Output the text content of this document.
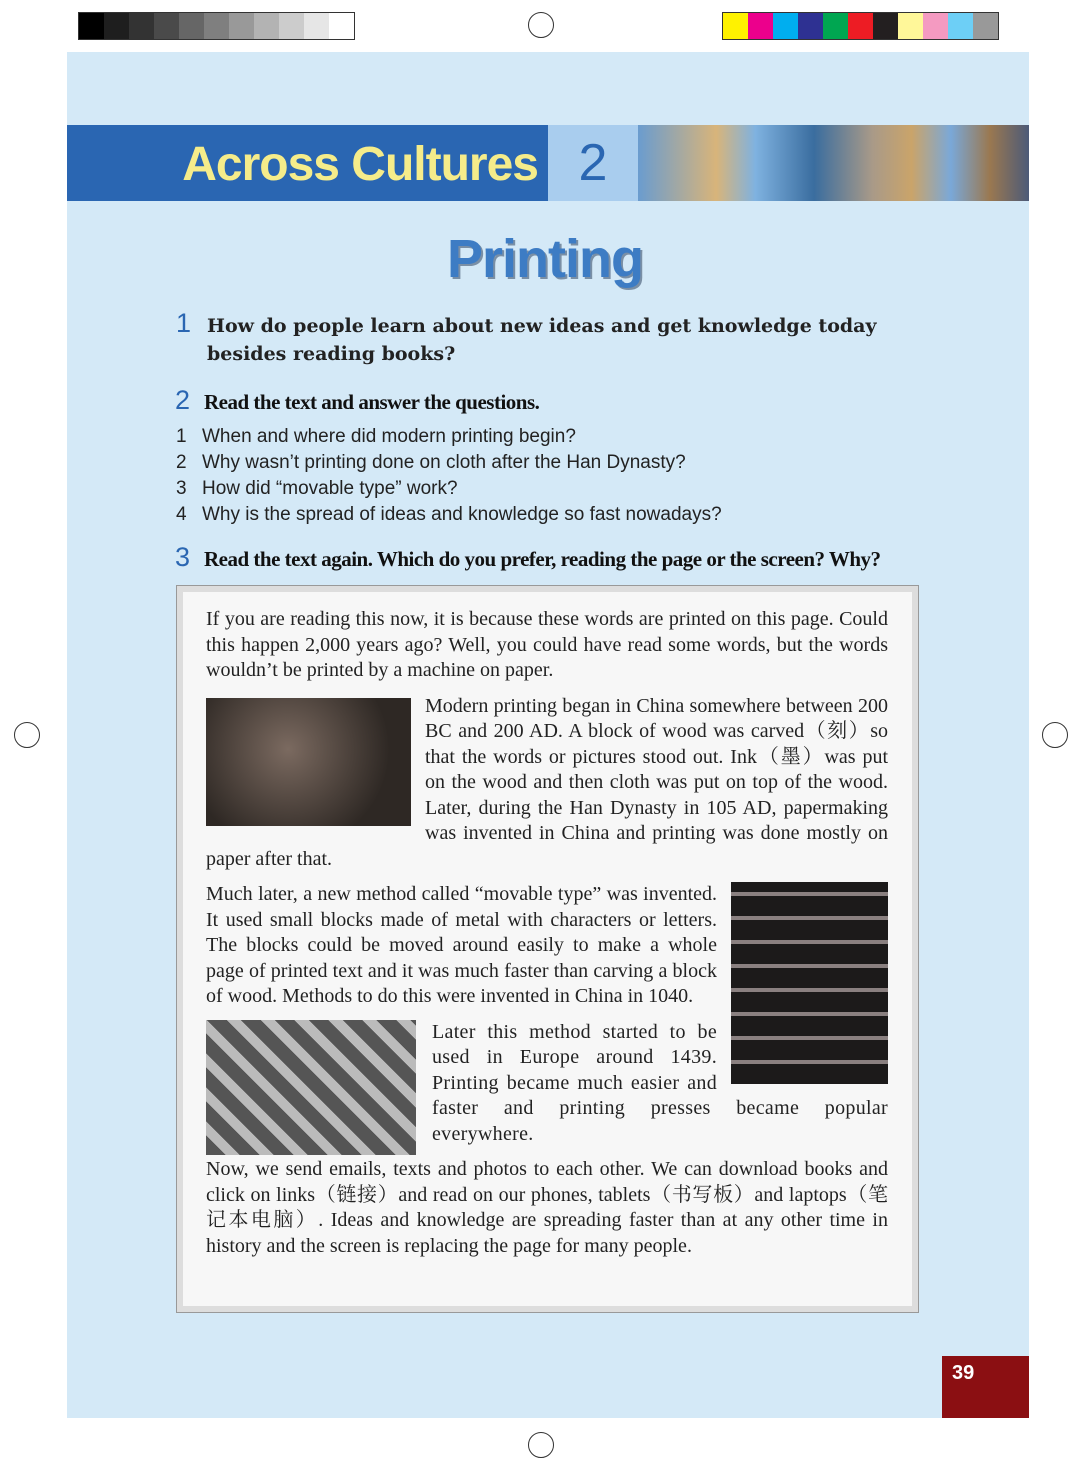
Across Cultures 2
Printing
1 How do people learn about new ideas and get knowledge today besides reading books?
2 Read the text and answer the questions.
1 When and where did modern printing begin?
2 Why wasn’t printing done on cloth after the Han Dynasty?
3 How did “movable type” work?
4 Why is the spread of ideas and knowledge so fast nowadays?
3 Read the text again. Which do you prefer, reading the page or the screen? Why?

If you are reading this now, it is because these words are printed on this page. Could this happen 2,000 years ago? Well, you could have read some words, but the words wouldn’t be printed by a machine on paper.

Modern printing began in China somewhere between 200 BC and 200 AD. A block of wood was carved（刻）so that the words or pictures stood out. Ink（墨）was put on the wood and then cloth was put on top of the wood. Later, during the Han Dynasty in 105 AD, papermaking was invented in China and printing was done mostly on paper after that.

Much later, a new method called “movable type” was invented. It used small blocks made of metal with characters or letters. The blocks could be moved around easily to make a whole page of printed text and it was much faster than carving a block of wood. Methods to do this were invented in China in 1040.

Later this method started to be used in Europe around 1439. Printing became much easier and faster and printing presses became popular everywhere.

Now, we send emails, texts and photos to each other. We can download books and click on links（链接）and read on our phones, tablets（书写板）and laptops（笔记本电脑）. Ideas and knowledge are spreading faster than at any other time in history and the screen is replacing the page for many people.

39
